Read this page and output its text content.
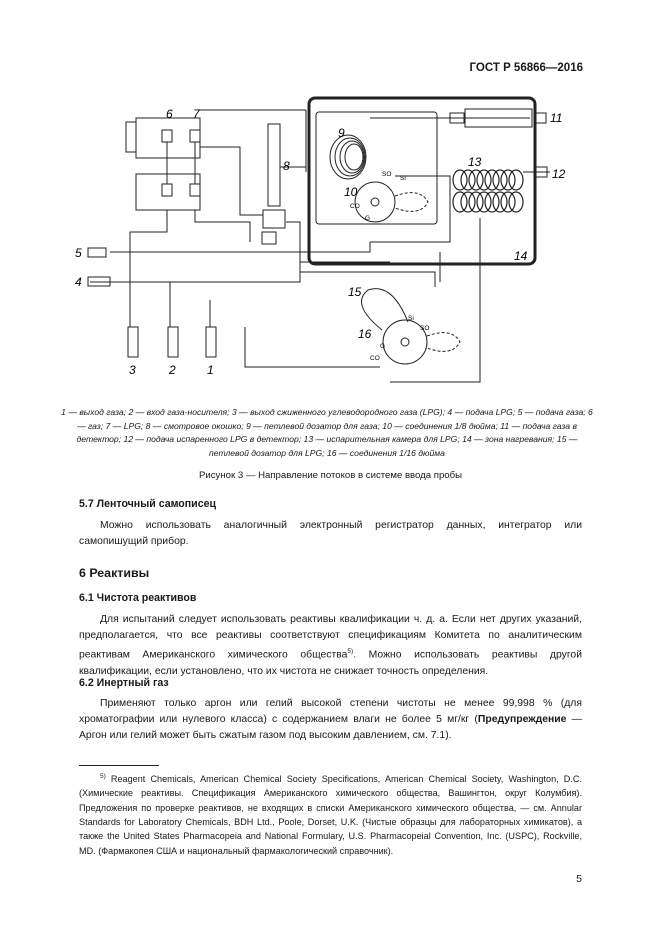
ГОСТ Р 56866—2016
6 7
8
9
10
11
12
13
14
15
16
5
4
3	2	1
SO
Si
CO
G
SO
Si
CO
G
1 — выход газа; 2 — вход газа-носителя; 3 — выход сжиженного углеводородного газа (LPG); 4 — подача LPG; 5 — подача газа; 6 — газ; 7 — LPG; 8 — смотровое окошко; 9 — петлевой дозатор для газа; 10 — соединения 1/8 дюйма; 11 — подача газа в детектор; 12 — подача испаренного LPG в детектор; 13 — испарительная камера для LPG; 14 — зона нагревания; 15 — петлевой дозатор для LPG; 16 — соединения 1/16 дюйма
Рисунок 3 — Направление потоков в системе ввода пробы
5.7 Ленточный самописец
Можно использовать аналогичный электронный регистратор данных, интегратор или самопишущий прибор.
6 Реактивы
6.1 Чистота реактивов
Для испытаний следует использовать реактивы квалификации ч. д. а. Если нет других указаний, предполагается, что все реактивы соответствуют спецификациям Комитета по аналитическим реактивам Американского химического общества$^{5)}$. Можно использовать реактивы другой квалификации, если установлено, что их чистота не снижает точность определения.
6.2 Инертный газ
Применяют только аргон или гелий высокой степени чистоты не менее 99,998 % (для хроматографии или нулевого класса) с содержанием влаги не более 5 мг/кг (Предупреждение — Аргон или гелий может быть сжатым газом под высоким давлением, см. 7.1).
$^{5)}$ Reagent Chemicals, American Chemical Society Specifications, American Chemical Society, Washington, D.C. (Химические реактивы. Спецификация Американского химического общества, Вашингтон, округ Колумбия). Предложения по проверке реактивов, не входящих в списки Американского химического общества, — см. Annular Standards for Laboratory Chemicals, BDH Ltd., Poole, Dorset, U.K. (Чистые образцы для лабораторных химикатов), а также the United States Pharmacopeia and National Formulary, U.S. Pharmacopeial Convention, Inc. (USPC), Rockville, MD. (Фармакопея США и национальный фармакологический справочник).
5
